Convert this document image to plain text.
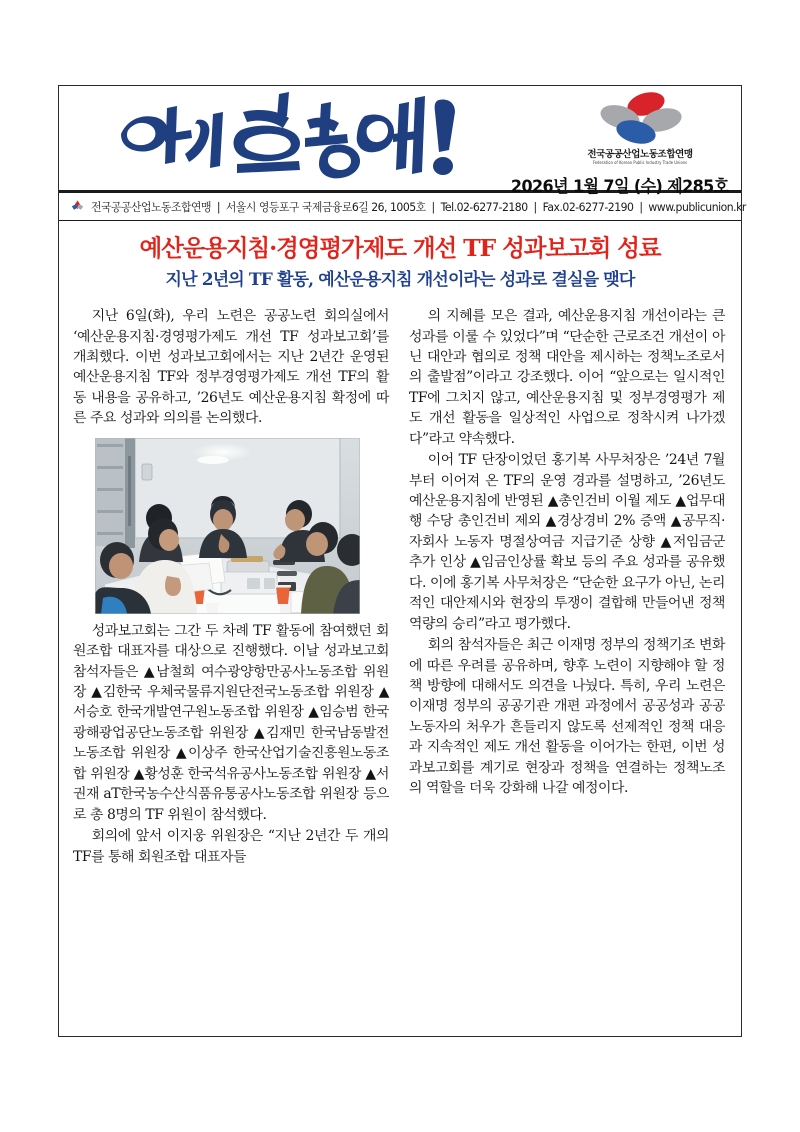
전국공공산업노동조합연맹
Federation of Korean Public Industry Trade Unions
2026년 1월 7일 (수) 제285호
전국공공산업노동조합연맹 | 서울시 영등포구 국제금융로6길 26, 1005호 | Tel.02-6277-2180 | Fax.02-6277-2190 | www.publicunion.kr
예산운용지침·경영평가제도 개선 TF 성과보고회 성료
지난 2년의 TF 활동, 예산운용지침 개선이라는 성과로 결실을 맺다

지난 6일(화), 우리 노련은 공공노련 회의실에서 ‘예산운용지침·경영평가제도 개선 TF 성과보고회’를 개최했다. 이번 성과보고회에서는 지난 2년간 운영된 예산운용지침 TF와 정부경영평가제도 개선 TF의 활동 내용을 공유하고, ’26년도 예산운용지침 확정에 따른 주요 성과와 의의를 논의했다.

성과보고회는 그간 두 차례 TF 활동에 참여했던 회원조합 대표자를 대상으로 진행했다. 이날 성과보고회 참석자들은 ▲남철희 여수광양항만공사노동조합 위원장 ▲김한국 우체국물류지원단전국노동조합 위원장 ▲서승호 한국개발연구원노동조합 위원장 ▲임승범 한국광해광업공단노동조합 위원장 ▲김재민 한국남동발전노동조합 위원장 ▲이상주 한국산업기술진흥원노동조합 위원장 ▲황성훈 한국석유공사노동조합 위원장 ▲서권재 aT한국농수산식품유통공사노동조합 위원장 등으로 총 8명의 TF 위원이 참석했다.

회의에 앞서 이지웅 위원장은 “지난 2년간 두 개의 TF를 통해 회원조합 대표자들

의 지혜를 모은 결과, 예산운용지침 개선이라는 큰 성과를 이룰 수 있었다”며 “단순한 근로조건 개선이 아닌 대안과 협의로 정책 대안을 제시하는 정책노조로서의 출발점”이라고 강조했다. 이어 “앞으로는 일시적인 TF에 그치지 않고, 예산운용지침 및 정부경영평가 제도 개선 활동을 일상적인 사업으로 정착시켜 나가겠다”라고 약속했다.

이어 TF 단장이었던 홍기복 사무처장은 ’24년 7월부터 이어져 온 TF의 운영 경과를 설명하고, ’26년도 예산운용지침에 반영된 ▲총인건비 이월 제도 ▲업무대행 수당 총인건비 제외 ▲경상경비 2% 증액 ▲공무직·자회사 노동자 명절상여금 지급기준 상향 ▲저임금군 추가 인상 ▲임금인상률 확보 등의 주요 성과를 공유했다. 이에 홍기복 사무처장은 “단순한 요구가 아닌, 논리적인 대안제시와 현장의 투쟁이 결합해 만들어낸 정책역량의 승리”라고 평가했다.

회의 참석자들은 최근 이재명 정부의 정책기조 변화에 따른 우려를 공유하며, 향후 노련이 지향해야 할 정책 방향에 대해서도 의견을 나눴다. 특히, 우리 노련은 이재명 정부의 공공기관 개편 과정에서 공공성과 공공노동자의 처우가 흔들리지 않도록 선제적인 정책 대응과 지속적인 제도 개선 활동을 이어가는 한편, 이번 성과보고회를 계기로 현장과 정책을 연결하는 정책노조의 역할을 더욱 강화해 나갈 예정이다.
